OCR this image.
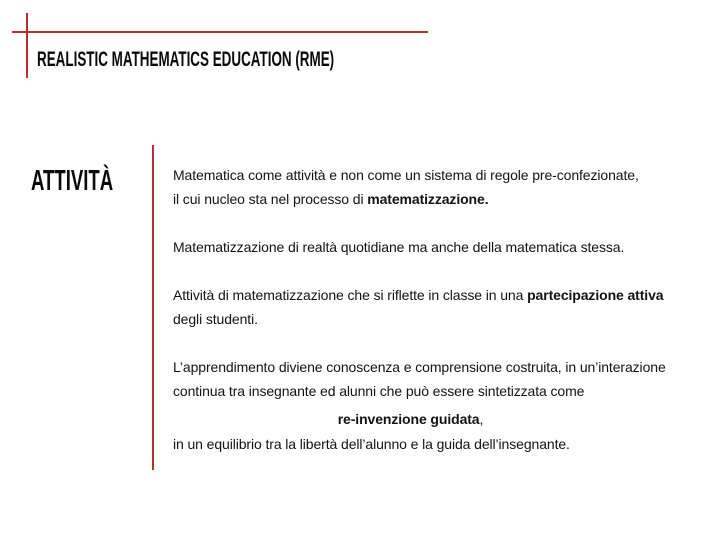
REALISTIC MATHEMATICS EDUCATION (RME)
ATTIVITÀ	Matematica come attività e non come un sistema di regole pre-confezionate,
il cui nucleo sta nel processo di matematizzazione.
Matematizzazione di realtà quotidiane ma anche della matematica stessa.
Attività di matematizzazione che si riflette in classe in una partecipazione attiva
degli studenti.
L’apprendimento diviene conoscenza e comprensione costruita, in un’interazione
continua tra insegnante ed alunni che può essere sintetizzata come
re-invenzione guidata,
in un equilibrio tra la libertà dell’alunno e la guida dell’insegnante.
